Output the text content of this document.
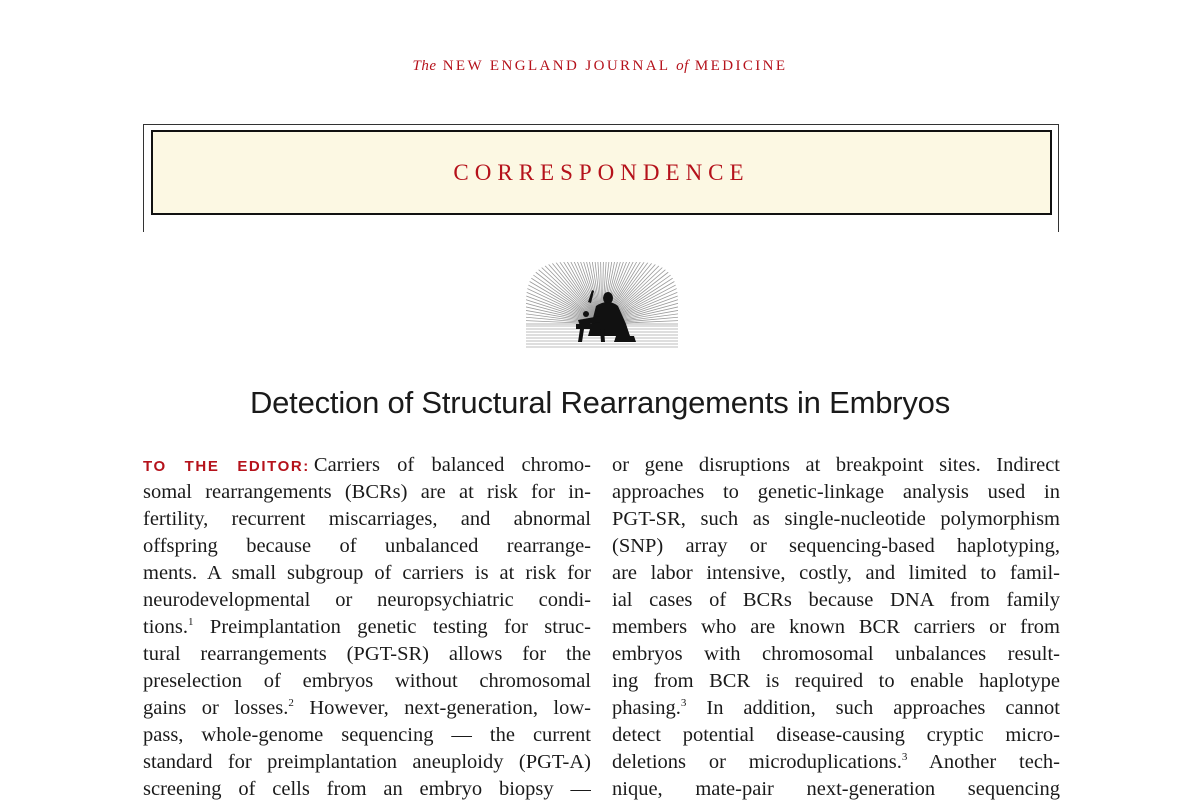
The NEW ENGLAND JOURNAL of MEDICINE
CORRESPONDENCE
Detection of Structural Rearrangements in Embryos
TO THE EDITOR: Carriers of balanced chromo-
somal rearrangements (BCRs) are at risk for in-
fertility, recurrent miscarriages, and abnormal
offspring because of unbalanced rearrange-
ments. A small subgroup of carriers is at risk for
neurodevelopmental or neuropsychiatric condi-
tions.$^1$ Preimplantation genetic testing for struc-
tural rearrangements (PGT-SR) allows for the
preselection of embryos without chromosomal
gains or losses.$^2$ However, next-generation, low-
pass, whole-genome sequencing — the current
standard for preimplantation aneuploidy (PGT-A)
screening of cells from an embryo biopsy —
or gene disruptions at breakpoint sites. Indirect
approaches to genetic-linkage analysis used in
PGT-SR, such as single-nucleotide polymorphism
(SNP) array or sequencing-based haplotyping,
are labor intensive, costly, and limited to famil-
ial cases of BCRs because DNA from family
members who are known BCR carriers or from
embryos with chromosomal unbalances result-
ing from BCR is required to enable haplotype
phasing.$^3$ In addition, such approaches cannot
detect potential disease-causing cryptic micro-
deletions or microduplications.$^3$ Another tech-
nique, mate-pair next-generation sequencing
